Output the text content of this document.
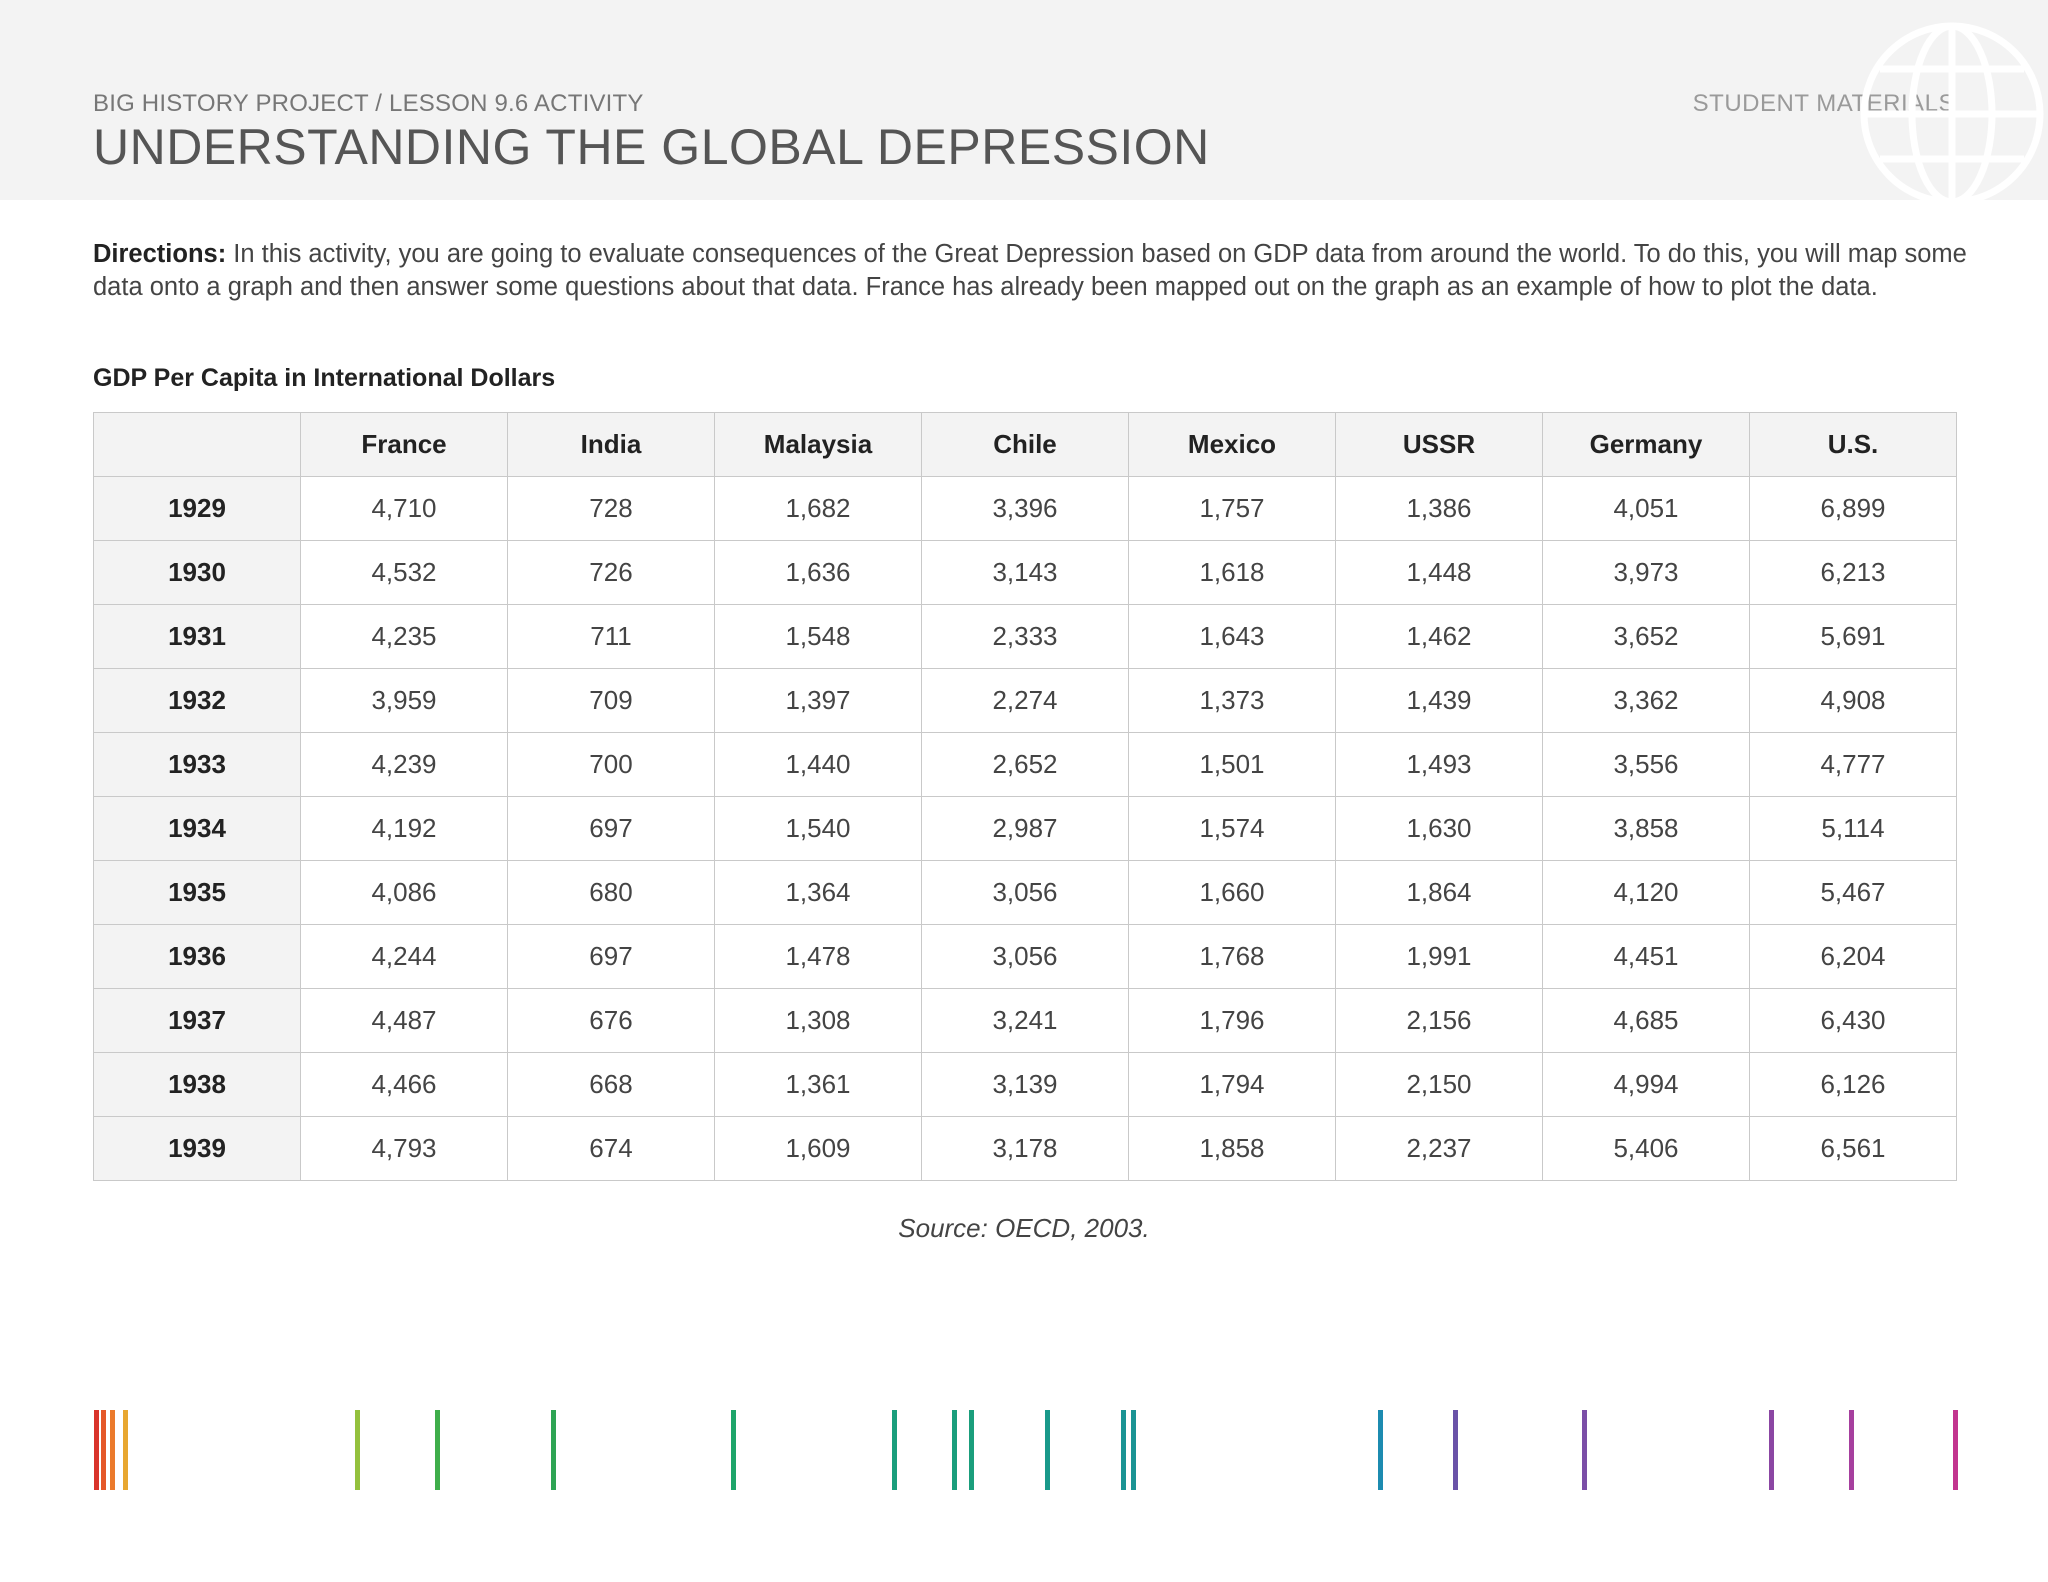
BIG HISTORY PROJECT / LESSON 9.6 ACTIVITY
UNDERSTANDING THE GLOBAL DEPRESSION
STUDENT MATERIALS

Directions: In this activity, you are going to evaluate consequences of the Great Depression based on GDP data from around the world. To do this, you will map some data onto a graph and then answer some questions about that data. France has already been mapped out on the graph as an example of how to plot the data.

GDP Per Capita in International Dollars
	France	India	Malaysia	Chile	Mexico	USSR	Germany	U.S.
1929	4,710	728	1,682	3,396	1,757	1,386	4,051	6,899
1930	4,532	726	1,636	3,143	1,618	1,448	3,973	6,213
1931	4,235	711	1,548	2,333	1,643	1,462	3,652	5,691
1932	3,959	709	1,397	2,274	1,373	1,439	3,362	4,908
1933	4,239	700	1,440	2,652	1,501	1,493	3,556	4,777
1934	4,192	697	1,540	2,987	1,574	1,630	3,858	5,114
1935	4,086	680	1,364	3,056	1,660	1,864	4,120	5,467
1936	4,244	697	1,478	3,056	1,768	1,991	4,451	6,204
1937	4,487	676	1,308	3,241	1,796	2,156	4,685	6,430
1938	4,466	668	1,361	3,139	1,794	2,150	4,994	6,126
1939	4,793	674	1,609	3,178	1,858	2,237	5,406	6,561
Source: OECD, 2003.
